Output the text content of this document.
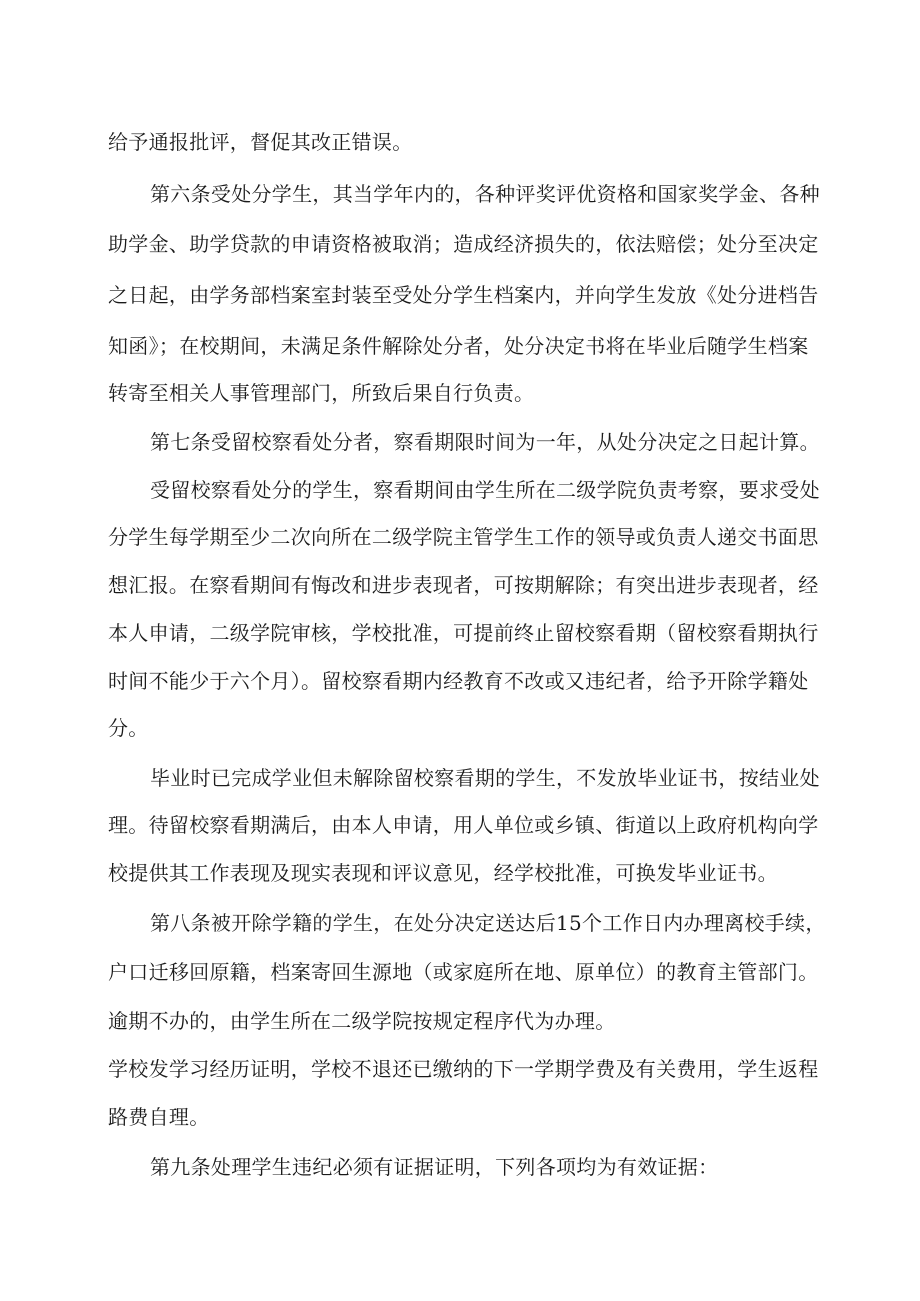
给予通报批评，督促其改正错误。
第六条受处分学生，其当学年内的，各种评奖评优资格和国家奖学金、各种
助学金、助学贷款的申请资格被取消；造成经济损失的，依法赔偿；处分至决定
之日起，由学务部档案室封装至受处分学生档案内，并向学生发放《处分进档告
知函》；在校期间，未满足条件解除处分者，处分决定书将在毕业后随学生档案
转寄至相关人事管理部门，所致后果自行负责。
第七条受留校察看处分者，察看期限时间为一年，从处分决定之日起计算。
受留校察看处分的学生，察看期间由学生所在二级学院负责考察，要求受处
分学生每学期至少二次向所在二级学院主管学生工作的领导或负责人递交书面思
想汇报。在察看期间有悔改和进步表现者，可按期解除；有突出进步表现者，经
本人申请，二级学院审核，学校批准，可提前终止留校察看期（留校察看期执行
时间不能少于六个月）。留校察看期内经教育不改或又违纪者，给予开除学籍处
分。
毕业时已完成学业但未解除留校察看期的学生，不发放毕业证书，按结业处
理。待留校察看期满后，由本人申请，用人单位或乡镇、街道以上政府机构向学
校提供其工作表现及现实表现和评议意见，经学校批准，可换发毕业证书。
第八条被开除学籍的学生，在处分决定送达后15个工作日内办理离校手续，
户口迁移回原籍，档案寄回生源地（或家庭所在地、原单位）的教育主管部门。
逾期不办的，由学生所在二级学院按规定程序代为办理。
学校发学习经历证明，学校不退还已缴纳的下一学期学费及有关费用，学生返程
路费自理。
第九条处理学生违纪必须有证据证明，下列各项均为有效证据：
